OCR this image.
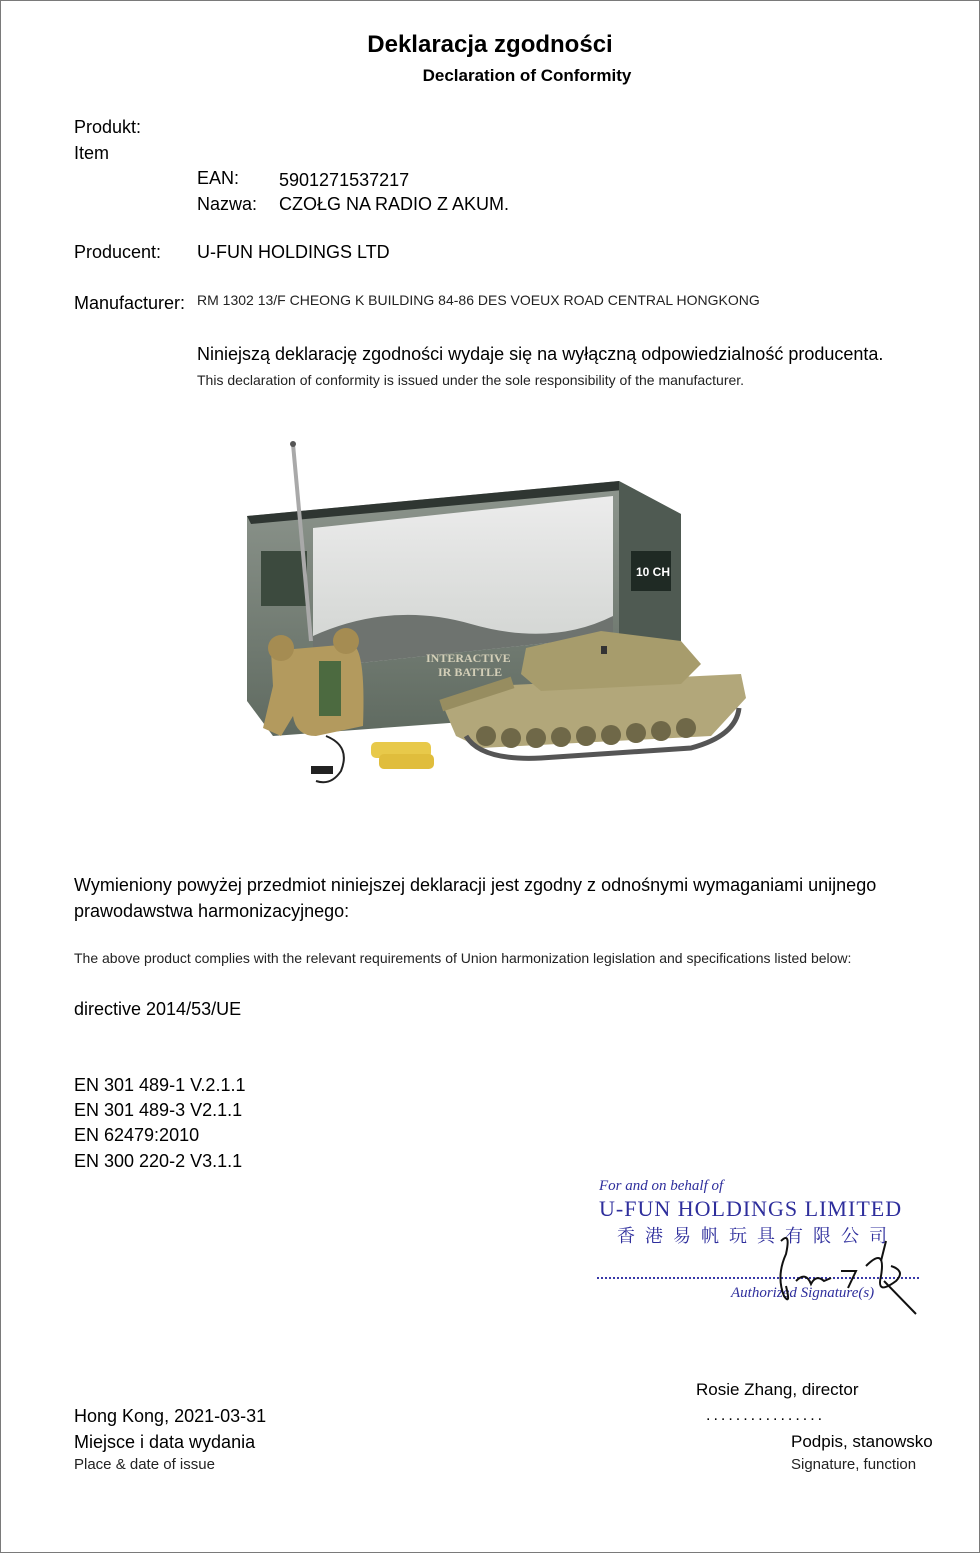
Deklaracja zgodności
Declaration of Conformity
Produkt:
Item
EAN: 5901271537217
Nazwa: CZOŁG NA RADIO Z AKUM.
Producent: U-FUN HOLDINGS LTD
Manufacturer: RM 1302 13/F CHEONG K BUILDING 84-86 DES VOEUX ROAD CENTRAL HONGKONG
Niniejszą deklarację zgodności wydaje się na wyłączną odpowiedzialność producenta.
This declaration of conformity is issued under the sole responsibility of the manufacturer.
10 CH
INTERACTIVE
IR BATTLE
Wymieniony powyżej przedmiot niniejszej deklaracji jest zgodny z odnośnymi wymaganiami unijnego
prawodawstwa harmonizacyjnego:
The above product complies with the relevant requirements of Union harmonization legislation and specifications listed below:
directive 2014/53/UE
EN 301 489-1 V.2.1.1
EN 301 489-3 V2.1.1
EN 62479:2010
EN 300 220-2 V3.1.1
For and on behalf of
U-FUN HOLDINGS LIMITED
香港易帆玩具有限公司
Authorized Signature(s)
Rosie Zhang, director
Hong Kong, 2021-03-31	................
Miejsce i data wydania	Podpis, stanowsko
Place & date of issue	Signature, function
